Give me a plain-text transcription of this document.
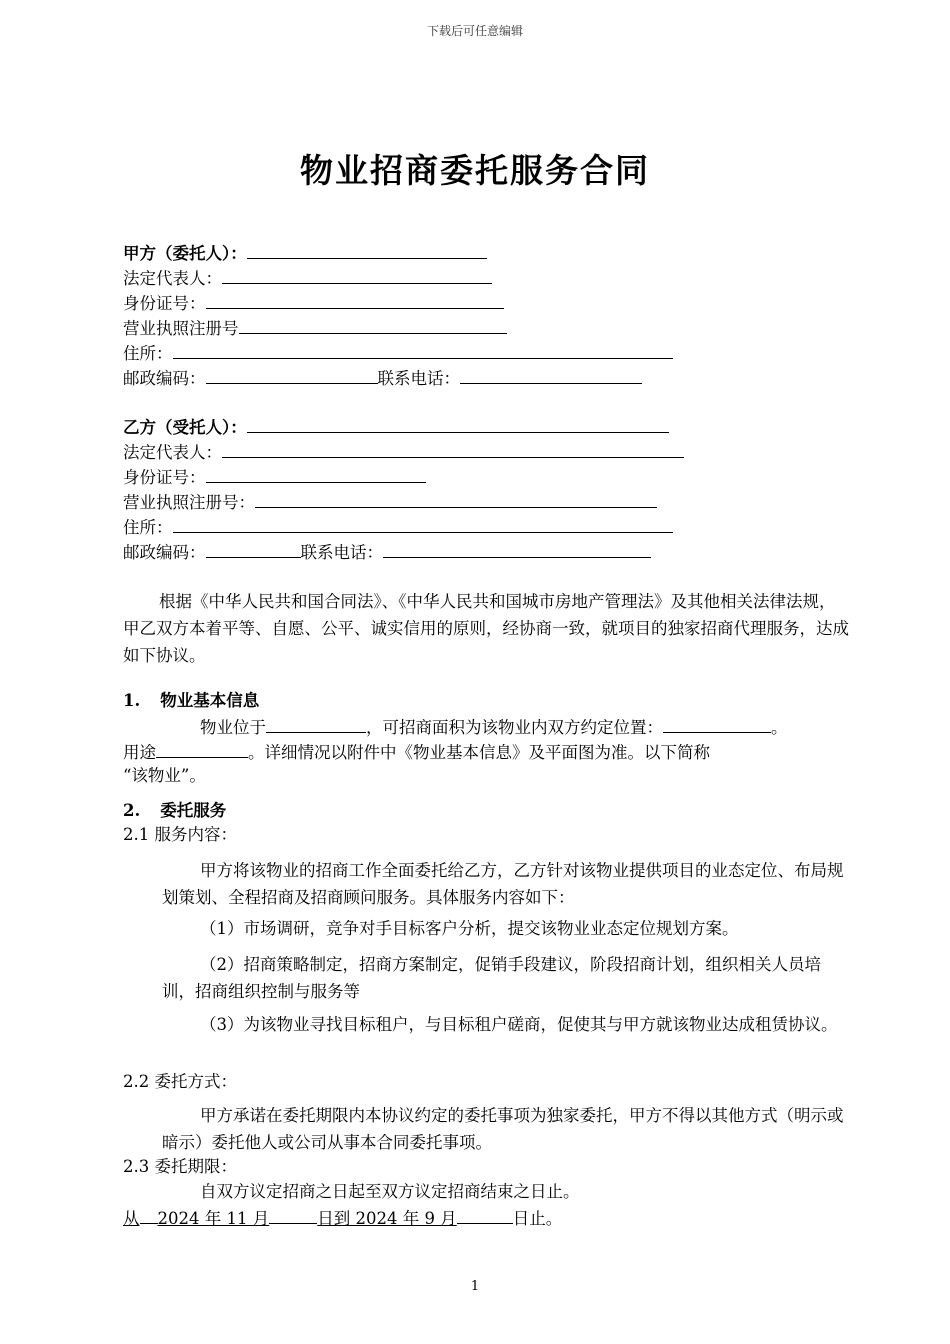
下载后可任意编辑
物业招商委托服务合同
甲方（委托人）：
法定代表人：
身份证号：
营业执照注册号
住所：
邮政编码：	联系电话：
乙方（受托人）：
法定代表人：
身份证号：
营业执照注册号：
住所：
邮政编码：	联系电话：
根据《中华人民共和国合同法》、《中华人民共和国城市房地产管理法》及其他相关法律法规，甲乙双方本着平等、自愿、公平、诚实信用的原则，经协商一致，就项目的独家招商代理服务，达成如下协议。
1. 物业基本信息
物业位于	，可招商面积为该物业内双方约定位置：	。
用途	。详细情况以附件中《物业基本信息》及平面图为准。以下简称
“该物业”。
2. 委托服务
2.1 服务内容：
甲方将该物业的招商工作全面委托给乙方，乙方针对该物业提供项目的业态定位、布局规划策划、全程招商及招商顾问服务。具体服务内容如下：
（1）市场调研，竞争对手目标客户分析，提交该物业业态定位规划方案。
（2）招商策略制定，招商方案制定，促销手段建议，阶段招商计划，组织相关人员培训，招商组织控制与服务等
（3）为该物业寻找目标租户，与目标租户磋商，促使其与甲方就该物业达成租赁协议。
2.2 委托方式：
甲方承诺在委托期限内本协议约定的委托事项为独家委托，甲方不得以其他方式（明示或暗示）委托他人或公司从事本合同委托事项。
2.3 委托期限：
自双方议定招商之日起至双方议定招商结束之日止。
从 2024 年 11 月	日到 2024 年 9 月	日止。
1
